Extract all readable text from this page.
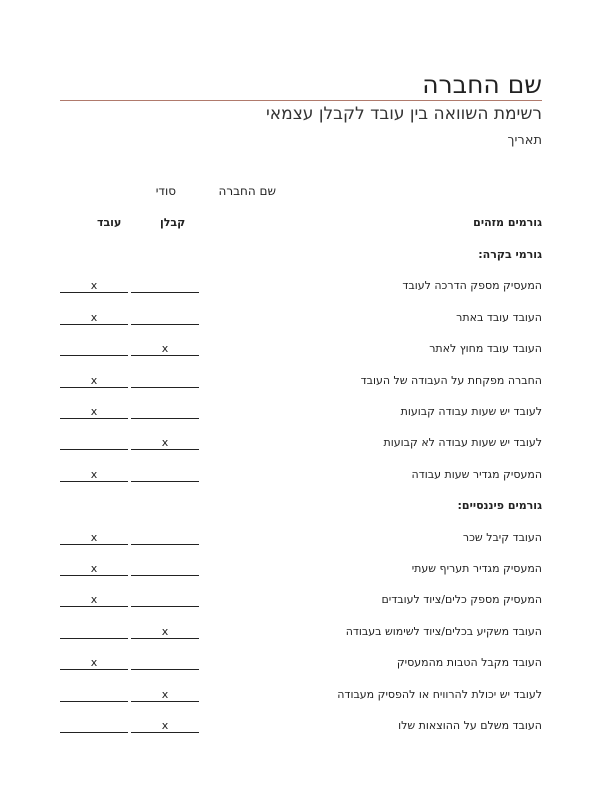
שם החברה
רשימת השוואה בין עובד לקבלן עצמאי
תאריך
שם החברה
סודי
גורמים מזהים
קבלן
עובד
גורמי בקרה:
המעסיק מספק הדרכה לעובד
x
העובד עובד באתר
x
העובד עובד מחוץ לאתר
x
החברה מפקחת על העבודה של העובד
x
לעובד יש שעות עבודה קבועות
x
לעובד יש שעות עבודה לא קבועות
x
המעסיק מגדיר שעות עבודה
x
גורמים פיננסיים:
העובד קיבל שכר
x
המעסיק מגדיר תעריף שעתי
x
המעסיק מספק כלים/ציוד לעובדים
x
העובד משקיע בכלים/ציוד לשימוש בעבודה
x
העובד מקבל הטבות מהמעסיק
x
לעובד יש יכולת להרוויח או להפסיק מעבודה
x
העובד משלם על ההוצאות שלו
x
